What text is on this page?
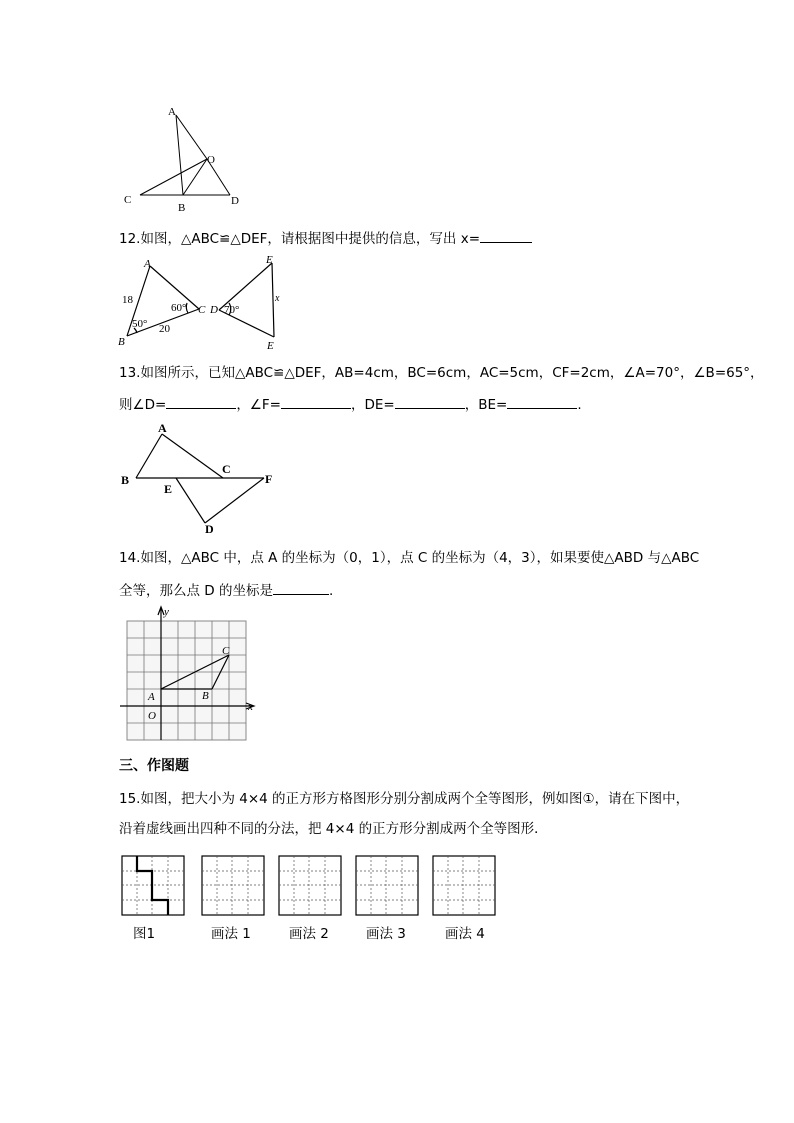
A
O
C
B
D
12.如图，△ABC≌△DEF，请根据图中提供的信息，写出 x=
A
B
C
18
20
50°
60° D 70°
E
E
x
13.如图所示，已知△ABC≌△DEF，AB=4cm，BC=6cm，AC=5cm，CF=2cm，∠A=70°，∠B=65°，
则∠D=	，∠F=	，DE=	，BE=	.
A
B
C
E
F
D
14.如图，△ABC 中，点 A 的坐标为（0，1），点 C 的坐标为（4，3），如果要使△ABD 与△ABC
全等，那么点 D 的坐标是	.
y
x
C
A	B
O
三、作图题
15.如图，把大小为 4×4 的正方形方格图形分别分割成两个全等图形，例如图①，请在下图中，
沿着虚线画出四种不同的分法，把 4×4 的正方形分割成两个全等图形．
图1	画法 1	画法 2	画法 3	画法 4
